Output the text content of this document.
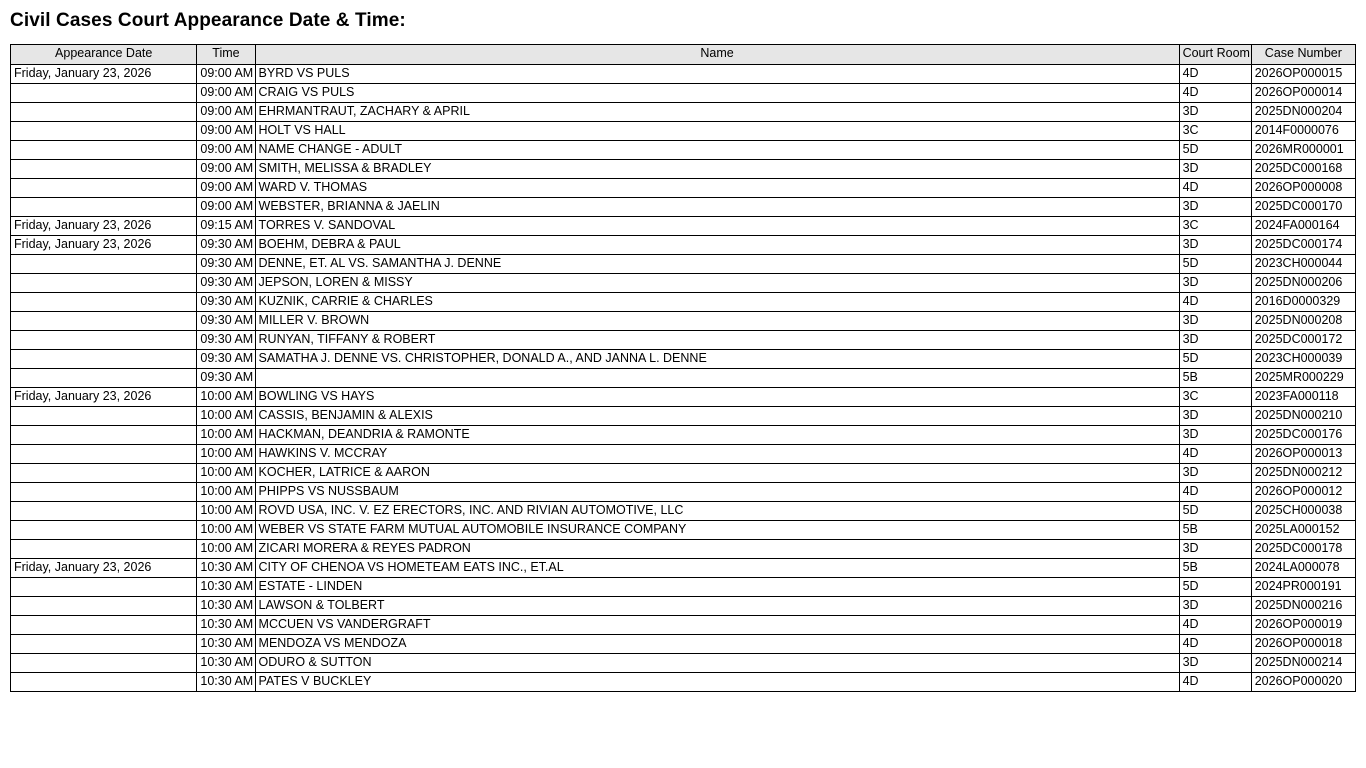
Civil Cases Court Appearance Date & Time:
Appearance Date	Time	Name	Court Room	Case Number
Friday, January 23, 2026	09:00 AM	BYRD VS PULS	4D	2026OP000015
	09:00 AM	CRAIG VS PULS	4D	2026OP000014
	09:00 AM	EHRMANTRAUT, ZACHARY & APRIL	3D	2025DN000204
	09:00 AM	HOLT VS HALL	3C	2014F0000076
	09:00 AM	NAME CHANGE - ADULT	5D	2026MR000001
	09:00 AM	SMITH, MELISSA & BRADLEY	3D	2025DC000168
	09:00 AM	WARD V. THOMAS	4D	2026OP000008
	09:00 AM	WEBSTER, BRIANNA & JAELIN	3D	2025DC000170
Friday, January 23, 2026	09:15 AM	TORRES V. SANDOVAL	3C	2024FA000164
Friday, January 23, 2026	09:30 AM	BOEHM, DEBRA & PAUL	3D	2025DC000174
	09:30 AM	DENNE, ET. AL VS. SAMANTHA J. DENNE	5D	2023CH000044
	09:30 AM	JEPSON, LOREN & MISSY	3D	2025DN000206
	09:30 AM	KUZNIK, CARRIE & CHARLES	4D	2016D0000329
	09:30 AM	MILLER V. BROWN	3D	2025DN000208
	09:30 AM	RUNYAN, TIFFANY & ROBERT	3D	2025DC000172
	09:30 AM	SAMATHA J. DENNE VS. CHRISTOPHER, DONALD A., AND JANNA L. DENNE	5D	2023CH000039
	09:30 AM		5B	2025MR000229
Friday, January 23, 2026	10:00 AM	BOWLING VS HAYS	3C	2023FA000118
	10:00 AM	CASSIS, BENJAMIN & ALEXIS	3D	2025DN000210
	10:00 AM	HACKMAN, DEANDRIA & RAMONTE	3D	2025DC000176
	10:00 AM	HAWKINS V. MCCRAY	4D	2026OP000013
	10:00 AM	KOCHER, LATRICE & AARON	3D	2025DN000212
	10:00 AM	PHIPPS VS NUSSBAUM	4D	2026OP000012
	10:00 AM	ROVD USA, INC. V. EZ ERECTORS, INC. AND RIVIAN AUTOMOTIVE, LLC	5D	2025CH000038
	10:00 AM	WEBER VS STATE FARM MUTUAL AUTOMOBILE INSURANCE COMPANY	5B	2025LA000152
	10:00 AM	ZICARI MORERA & REYES PADRON	3D	2025DC000178
Friday, January 23, 2026	10:30 AM	CITY OF CHENOA VS HOMETEAM EATS INC., ET.AL	5B	2024LA000078
	10:30 AM	ESTATE - LINDEN	5D	2024PR000191
	10:30 AM	LAWSON & TOLBERT	3D	2025DN000216
	10:30 AM	MCCUEN VS VANDERGRAFT	4D	2026OP000019
	10:30 AM	MENDOZA VS MENDOZA	4D	2026OP000018
	10:30 AM	ODURO & SUTTON	3D	2025DN000214
	10:30 AM	PATES V BUCKLEY	4D	2026OP000020
